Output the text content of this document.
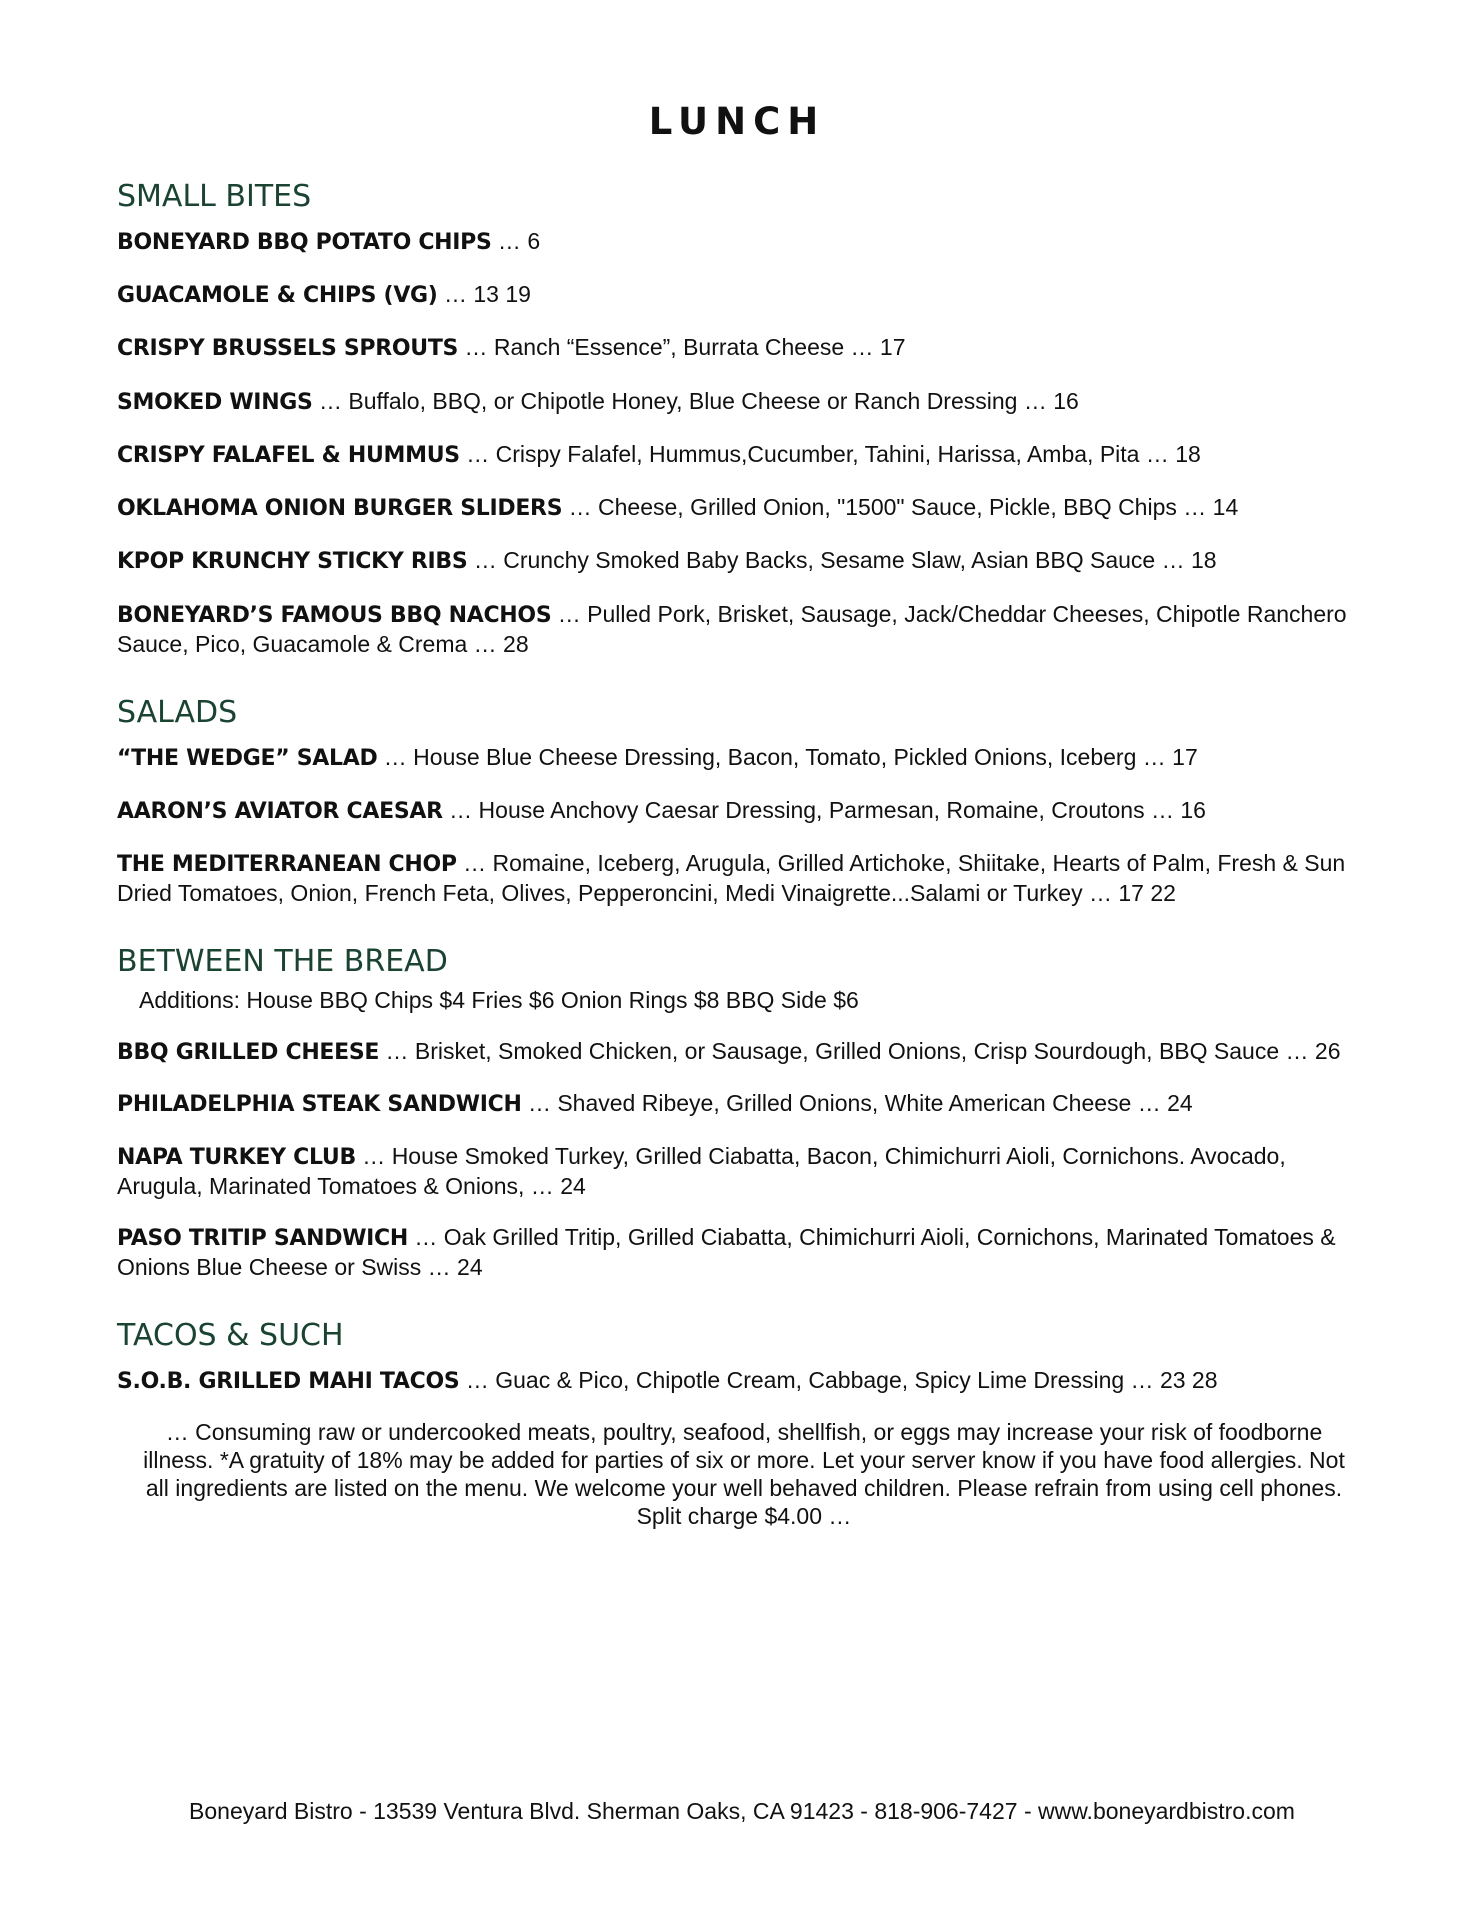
LUNCH
SMALL BITES

BONEYARD BBQ POTATO CHIPS … 6

GUACAMOLE & CHIPS (VG) … 13 19

CRISPY BRUSSELS SPROUTS … Ranch “Essence”, Burrata Cheese … 17

SMOKED WINGS … Buffalo, BBQ, or Chipotle Honey, Blue Cheese or Ranch Dressing … 16

CRISPY FALAFEL & HUMMUS … Crispy Falafel, Hummus,Cucumber, Tahini, Harissa, Amba, Pita … 18

OKLAHOMA ONION BURGER SLIDERS … Cheese, Grilled Onion, "1500" Sauce, Pickle, BBQ Chips … 14

KPOP KRUNCHY STICKY RIBS … Crunchy Smoked Baby Backs, Sesame Slaw, Asian BBQ Sauce … 18

BONEYARD’S FAMOUS BBQ NACHOS … Pulled Pork, Brisket, Sausage, Jack/Cheddar Cheeses, Chipotle Ranchero Sauce, Pico, Guacamole & Crema … 28

SALADS

“THE WEDGE” SALAD … House Blue Cheese Dressing, Bacon, Tomato, Pickled Onions, Iceberg … 17

AARON’S AVIATOR CAESAR … House Anchovy Caesar Dressing, Parmesan, Romaine, Croutons … 16

THE MEDITERRANEAN CHOP … Romaine, Iceberg, Arugula, Grilled Artichoke, Shiitake, Hearts of Palm, Fresh & Sun Dried Tomatoes, Onion, French Feta, Olives, Pepperoncini, Medi Vinaigrette...Salami or Turkey … 17 22

BETWEEN THE BREAD

Additions: House BBQ Chips $4 Fries $6 Onion Rings $8 BBQ Side $6

BBQ GRILLED CHEESE … Brisket, Smoked Chicken, or Sausage, Grilled Onions, Crisp Sourdough, BBQ Sauce … 26

PHILADELPHIA STEAK SANDWICH … Shaved Ribeye, Grilled Onions, White American Cheese … 24

NAPA TURKEY CLUB … House Smoked Turkey, Grilled Ciabatta, Bacon, Chimichurri Aioli, Cornichons. Avocado, Arugula, Marinated Tomatoes & Onions, … 24

PASO TRITIP SANDWICH … Oak Grilled Tritip, Grilled Ciabatta, Chimichurri Aioli, Cornichons, Marinated Tomatoes & Onions Blue Cheese or Swiss … 24

TACOS & SUCH

S.O.B. GRILLED MAHI TACOS … Guac & Pico, Chipotle Cream, Cabbage, Spicy Lime Dressing … 23 28

… Consuming raw or undercooked meats, poultry, seafood, shellfish, or eggs may increase your risk of foodborne illness. *A gratuity of 18% may be added for parties of six or more. Let your server know if you have food allergies. Not all ingredients are listed on the menu. We welcome your well behaved children. Please refrain from using cell phones. Split charge $4.00 …

Boneyard Bistro - 13539 Ventura Blvd. Sherman Oaks, CA 91423 - 818-906-7427 - www.boneyardbistro.com
